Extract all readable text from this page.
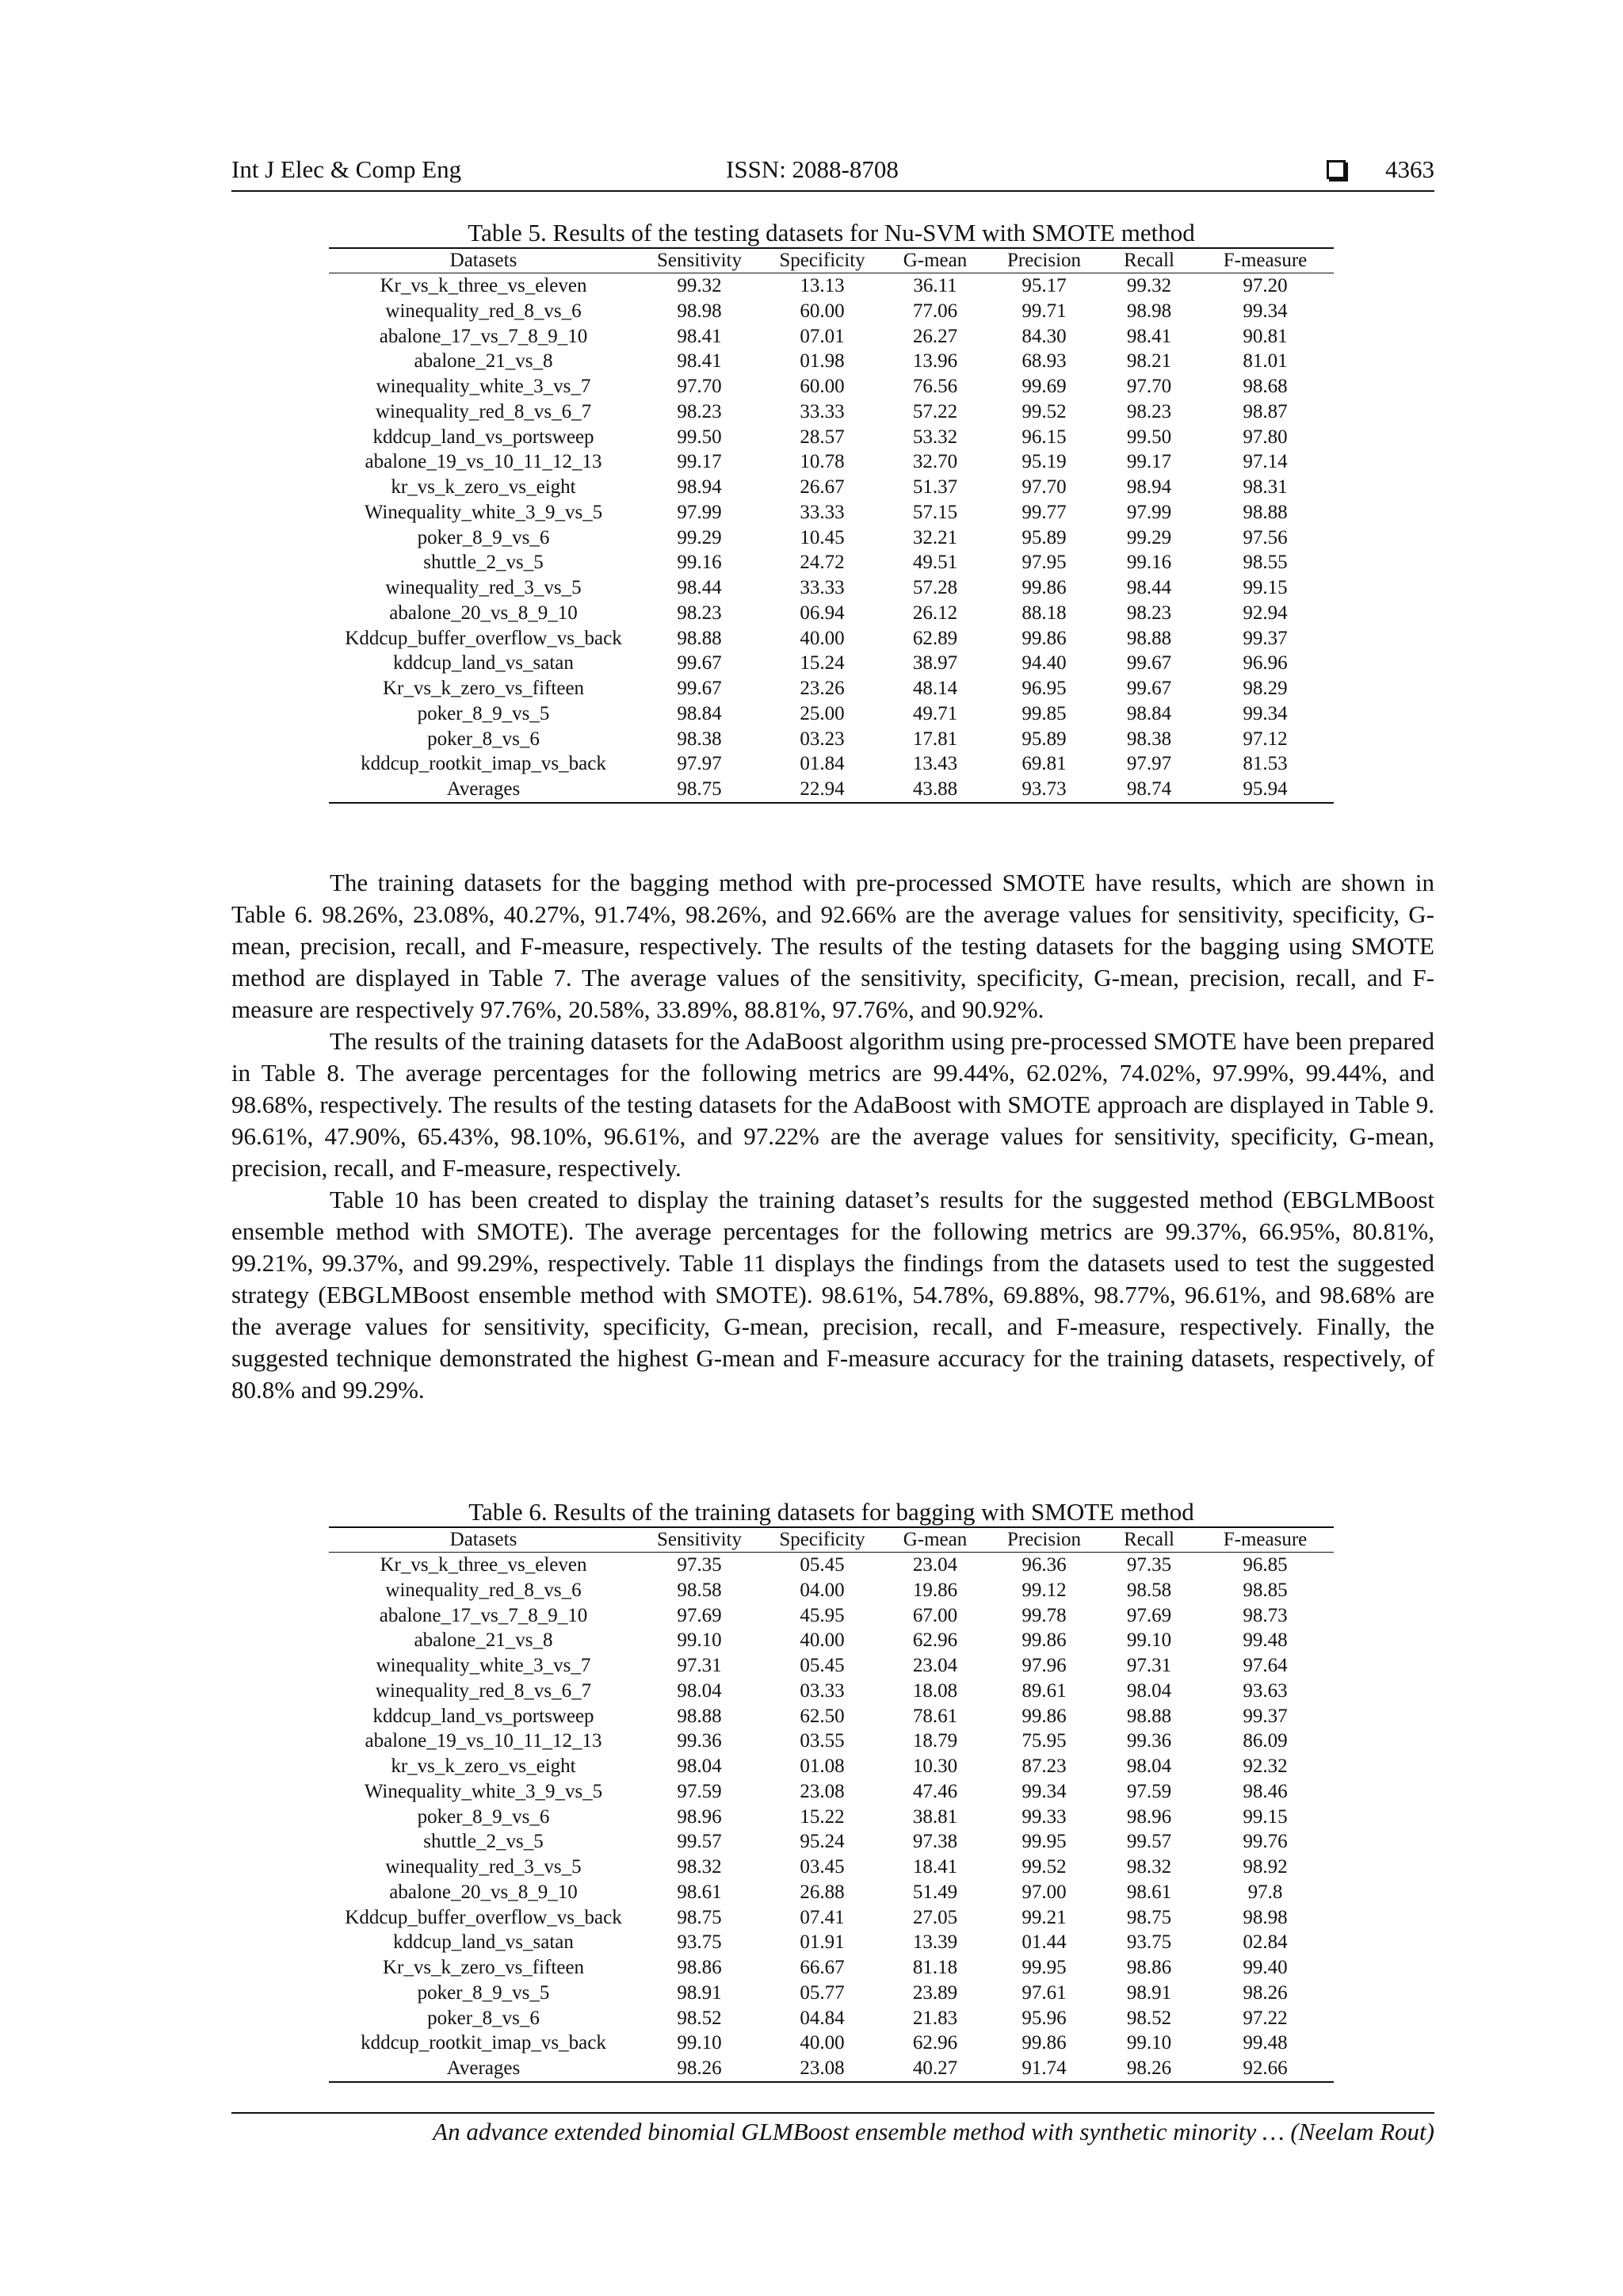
Int J Elec & Comp Eng	ISSN: 2088-8708	4363
Table 5. Results of the testing datasets for Nu-SVM with SMOTE method
Datasets	Sensitivity	Specificity	G-mean	Precision	Recall	F-measure
Kr_vs_k_three_vs_eleven	99.32	13.13	36.11	95.17	99.32	97.20
winequality_red_8_vs_6	98.98	60.00	77.06	99.71	98.98	99.34
abalone_17_vs_7_8_9_10	98.41	07.01	26.27	84.30	98.41	90.81
abalone_21_vs_8	98.41	01.98	13.96	68.93	98.21	81.01
winequality_white_3_vs_7	97.70	60.00	76.56	99.69	97.70	98.68
winequality_red_8_vs_6_7	98.23	33.33	57.22	99.52	98.23	98.87
kddcup_land_vs_portsweep	99.50	28.57	53.32	96.15	99.50	97.80
abalone_19_vs_10_11_12_13	99.17	10.78	32.70	95.19	99.17	97.14
kr_vs_k_zero_vs_eight	98.94	26.67	51.37	97.70	98.94	98.31
Winequality_white_3_9_vs_5	97.99	33.33	57.15	99.77	97.99	98.88
poker_8_9_vs_6	99.29	10.45	32.21	95.89	99.29	97.56
shuttle_2_vs_5	99.16	24.72	49.51	97.95	99.16	98.55
winequality_red_3_vs_5	98.44	33.33	57.28	99.86	98.44	99.15
abalone_20_vs_8_9_10	98.23	06.94	26.12	88.18	98.23	92.94
Kddcup_buffer_overflow_vs_back	98.88	40.00	62.89	99.86	98.88	99.37
kddcup_land_vs_satan	99.67	15.24	38.97	94.40	99.67	96.96
Kr_vs_k_zero_vs_fifteen	99.67	23.26	48.14	96.95	99.67	98.29
poker_8_9_vs_5	98.84	25.00	49.71	99.85	98.84	99.34
poker_8_vs_6	98.38	03.23	17.81	95.89	98.38	97.12
kddcup_rootkit_imap_vs_back	97.97	01.84	13.43	69.81	97.97	81.53
Averages	98.75	22.94	43.88	93.73	98.74	95.94

The training datasets for the bagging method with pre-processed SMOTE have results, which are shown in Table 6. 98.26%, 23.08%, 40.27%, 91.74%, 98.26%, and 92.66% are the average values for sensitivity, specificity, G-mean, precision, recall, and F-measure, respectively. The results of the testing datasets for the bagging using SMOTE method are displayed in Table 7. The average values of the sensitivity, specificity, G-mean, precision, recall, and F-measure are respectively 97.76%, 20.58%, 33.89%, 88.81%, 97.76%, and 90.92%.

The results of the training datasets for the AdaBoost algorithm using pre-processed SMOTE have been prepared in Table 8. The average percentages for the following metrics are 99.44%, 62.02%, 74.02%, 97.99%, 99.44%, and 98.68%, respectively. The results of the testing datasets for the AdaBoost with SMOTE approach are displayed in Table 9. 96.61%, 47.90%, 65.43%, 98.10%, 96.61%, and 97.22% are the average values for sensitivity, specificity, G-mean, precision, recall, and F-measure, respectively.

Table 10 has been created to display the training dataset’s results for the suggested method (EBGLMBoost ensemble method with SMOTE). The average percentages for the following metrics are 99.37%, 66.95%, 80.81%, 99.21%, 99.37%, and 99.29%, respectively. Table 11 displays the findings from the datasets used to test the suggested strategy (EBGLMBoost ensemble method with SMOTE). 98.61%, 54.78%, 69.88%, 98.77%, 96.61%, and 98.68% are the average values for sensitivity, specificity, G-mean, precision, recall, and F-measure, respectively. Finally, the suggested technique demonstrated the highest G-mean and F-measure accuracy for the training datasets, respectively, of 80.8% and 99.29%.

Table 6. Results of the training datasets for bagging with SMOTE method
Datasets	Sensitivity	Specificity	G-mean	Precision	Recall	F-measure
Kr_vs_k_three_vs_eleven	97.35	05.45	23.04	96.36	97.35	96.85
winequality_red_8_vs_6	98.58	04.00	19.86	99.12	98.58	98.85
abalone_17_vs_7_8_9_10	97.69	45.95	67.00	99.78	97.69	98.73
abalone_21_vs_8	99.10	40.00	62.96	99.86	99.10	99.48
winequality_white_3_vs_7	97.31	05.45	23.04	97.96	97.31	97.64
winequality_red_8_vs_6_7	98.04	03.33	18.08	89.61	98.04	93.63
kddcup_land_vs_portsweep	98.88	62.50	78.61	99.86	98.88	99.37
abalone_19_vs_10_11_12_13	99.36	03.55	18.79	75.95	99.36	86.09
kr_vs_k_zero_vs_eight	98.04	01.08	10.30	87.23	98.04	92.32
Winequality_white_3_9_vs_5	97.59	23.08	47.46	99.34	97.59	98.46
poker_8_9_vs_6	98.96	15.22	38.81	99.33	98.96	99.15
shuttle_2_vs_5	99.57	95.24	97.38	99.95	99.57	99.76
winequality_red_3_vs_5	98.32	03.45	18.41	99.52	98.32	98.92
abalone_20_vs_8_9_10	98.61	26.88	51.49	97.00	98.61	97.8
Kddcup_buffer_overflow_vs_back	98.75	07.41	27.05	99.21	98.75	98.98
kddcup_land_vs_satan	93.75	01.91	13.39	01.44	93.75	02.84
Kr_vs_k_zero_vs_fifteen	98.86	66.67	81.18	99.95	98.86	99.40
poker_8_9_vs_5	98.91	05.77	23.89	97.61	98.91	98.26
poker_8_vs_6	98.52	04.84	21.83	95.96	98.52	97.22
kddcup_rootkit_imap_vs_back	99.10	40.00	62.96	99.86	99.10	99.48
Averages	98.26	23.08	40.27	91.74	98.26	92.66
An advance extended binomial GLMBoost ensemble method with synthetic minority … (Neelam Rout)
